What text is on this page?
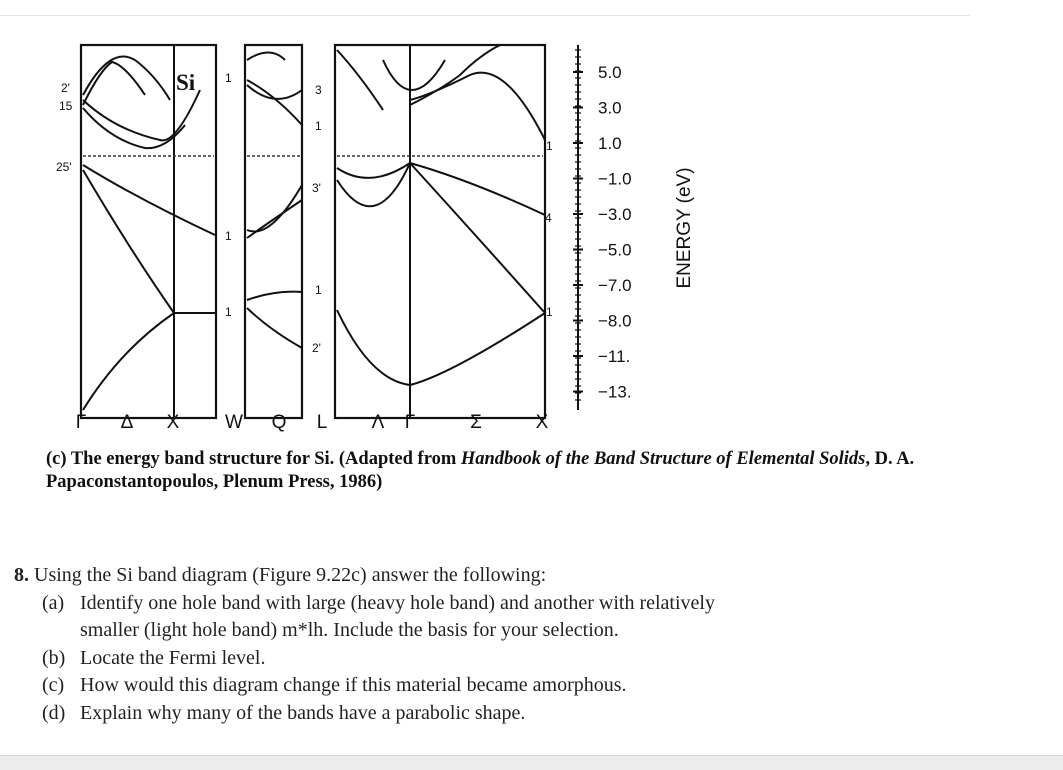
5.0
3.0
1.0
−1.0
−3.0
−5.0
−7.0
−8.0
−11.
−13.
ENERGY (eV)
Si
2'
15
25'
1
1
1
3
1
3'
1
2'
1
4
1
Γ Δ X W Q L Λ Γ	Σ	X
(c) The energy band structure for Si. (Adapted from Handbook of the Band Structure of Elemental Solids, D. A. Papaconstantopoulos, Plenum Press, 1986)
8. Using the Si band diagram (Figure 9.22c) answer the following:
(a) Identify one hole band with large (heavy hole band) and another with relatively
smaller (light hole band) m*lh. Include the basis for your selection.
(b) Locate the Fermi level.
(c) How would this diagram change if this material became amorphous.
(d) Explain why many of the bands have a parabolic shape.
